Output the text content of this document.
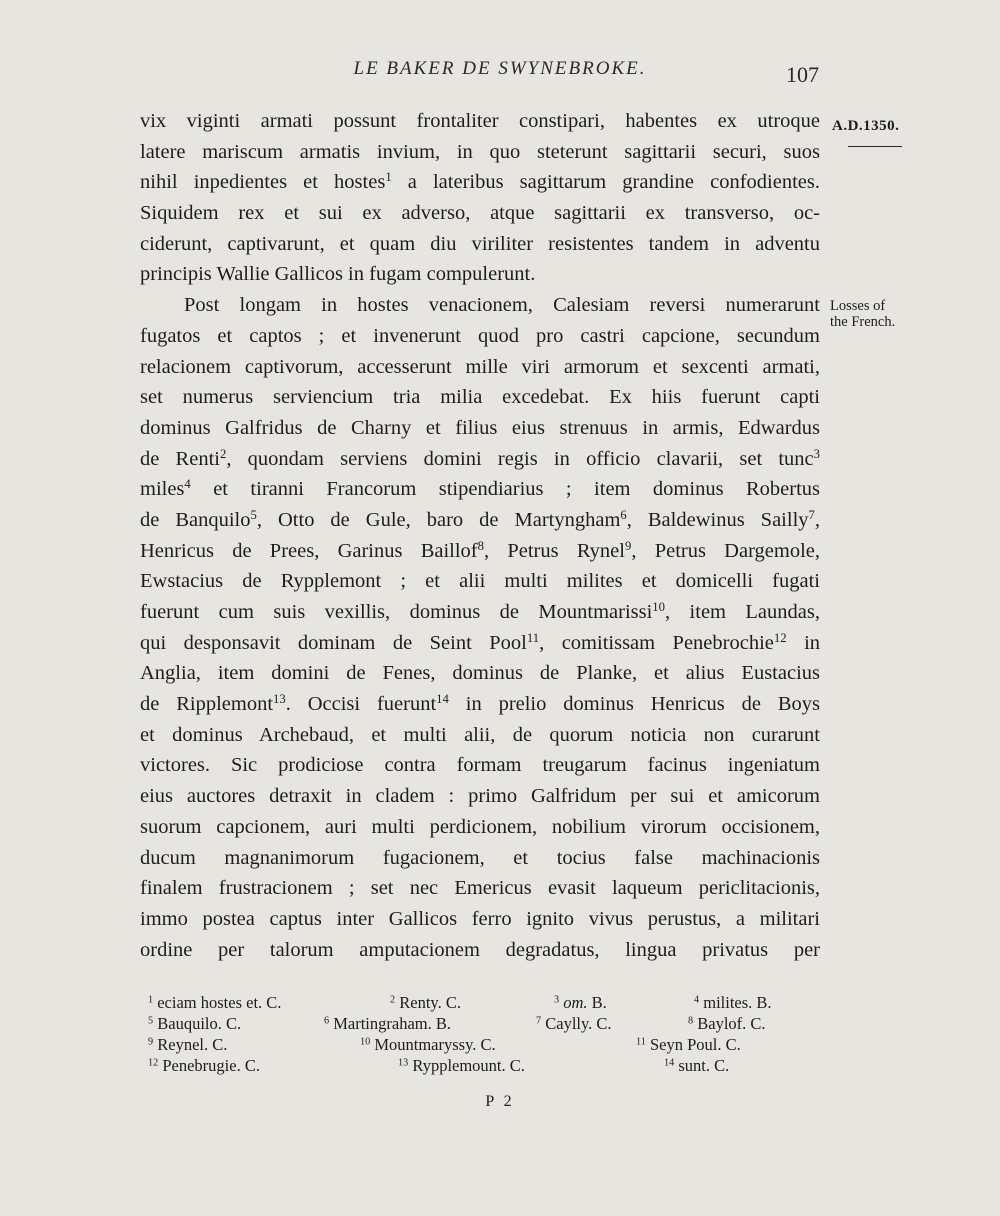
LE BAKER DE SWYNEBROKE.	107
A.D.1350.
Losses of
the French.
vix viginti armati possunt frontaliter constipari, habentes ex utroque
latere mariscum armatis invium, in quo steterunt sagittarii securi, suos
nihil inpedientes et hostes$^1$ a lateribus sagittarum grandine confodientes.
Siquidem rex et sui ex adverso, atque sagittarii ex transverso, oc-
ciderunt, captivarunt, et quam diu viriliter resistentes tandem in adventu
principis Wallie Gallicos in fugam compulerunt.
Post longam in hostes venacionem, Calesiam reversi numerarunt
fugatos et captos ; et invenerunt quod pro castri capcione, secundum
relacionem captivorum, accesserunt mille viri armorum et sexcenti armati,
set numerus serviencium tria milia excedebat. Ex hiis fuerunt capti
dominus Galfridus de Charny et filius eius strenuus in armis, Edwardus
de Renti$^2$, quondam serviens domini regis in officio clavarii, set tunc$^3$
miles$^4$ et tiranni Francorum stipendiarius ; item dominus Robertus
de Banquilo$^5$, Otto de Gule, baro de Martyngham$^6$, Baldewinus Sailly$^7$,
Henricus de Prees, Garinus Baillof$^8$, Petrus Rynel$^9$, Petrus Dargemole,
Ewstacius de Rypplemont ; et alii multi milites et domicelli fugati
fuerunt cum suis vexillis, dominus de Mountmarissi$^{10}$, item Laundas,
qui desponsavit dominam de Seint Pool$^{11}$, comitissam Penebrochie$^{12}$ in
Anglia, item domini de Fenes, dominus de Planke, et alius Eustacius
de Ripplemont$^{13}$. Occisi fuerunt$^{14}$ in prelio dominus Henricus de Boys
et dominus Archebaud, et multi alii, de quorum noticia non curarunt
victores. Sic prodiciose contra formam treugarum facinus ingeniatum
eius auctores detraxit in cladem : primo Galfridum per sui et amicorum
suorum capcionem, auri multi perdicionem, nobilium virorum occisionem,
ducum magnanimorum fugacionem, et tocius false machinacionis
finalem frustracionem ; set nec Emericus evasit laqueum periclitacionis,
immo postea captus inter Gallicos ferro ignito vivus perustus, a militari
ordine per talorum amputacionem degradatus, lingua privatus per
$^1$ eciam hostes et. C.	$^2$ Renty. C.	$^3$ om. B.	$^4$ milites. B.
$^5$ Bauquilo. C.	$^6$ Martingraham. B.	$^7$ Caylly. C.	$^8$ Baylof. C.
$^9$ Reynel. C.	$^{10}$ Mountmaryssy. C.	$^{11}$ Seyn Poul. C.
$^{12}$ Penebrugie. C.	$^{13}$ Rypplemount. C.	$^{14}$ sunt. C.
P 2
